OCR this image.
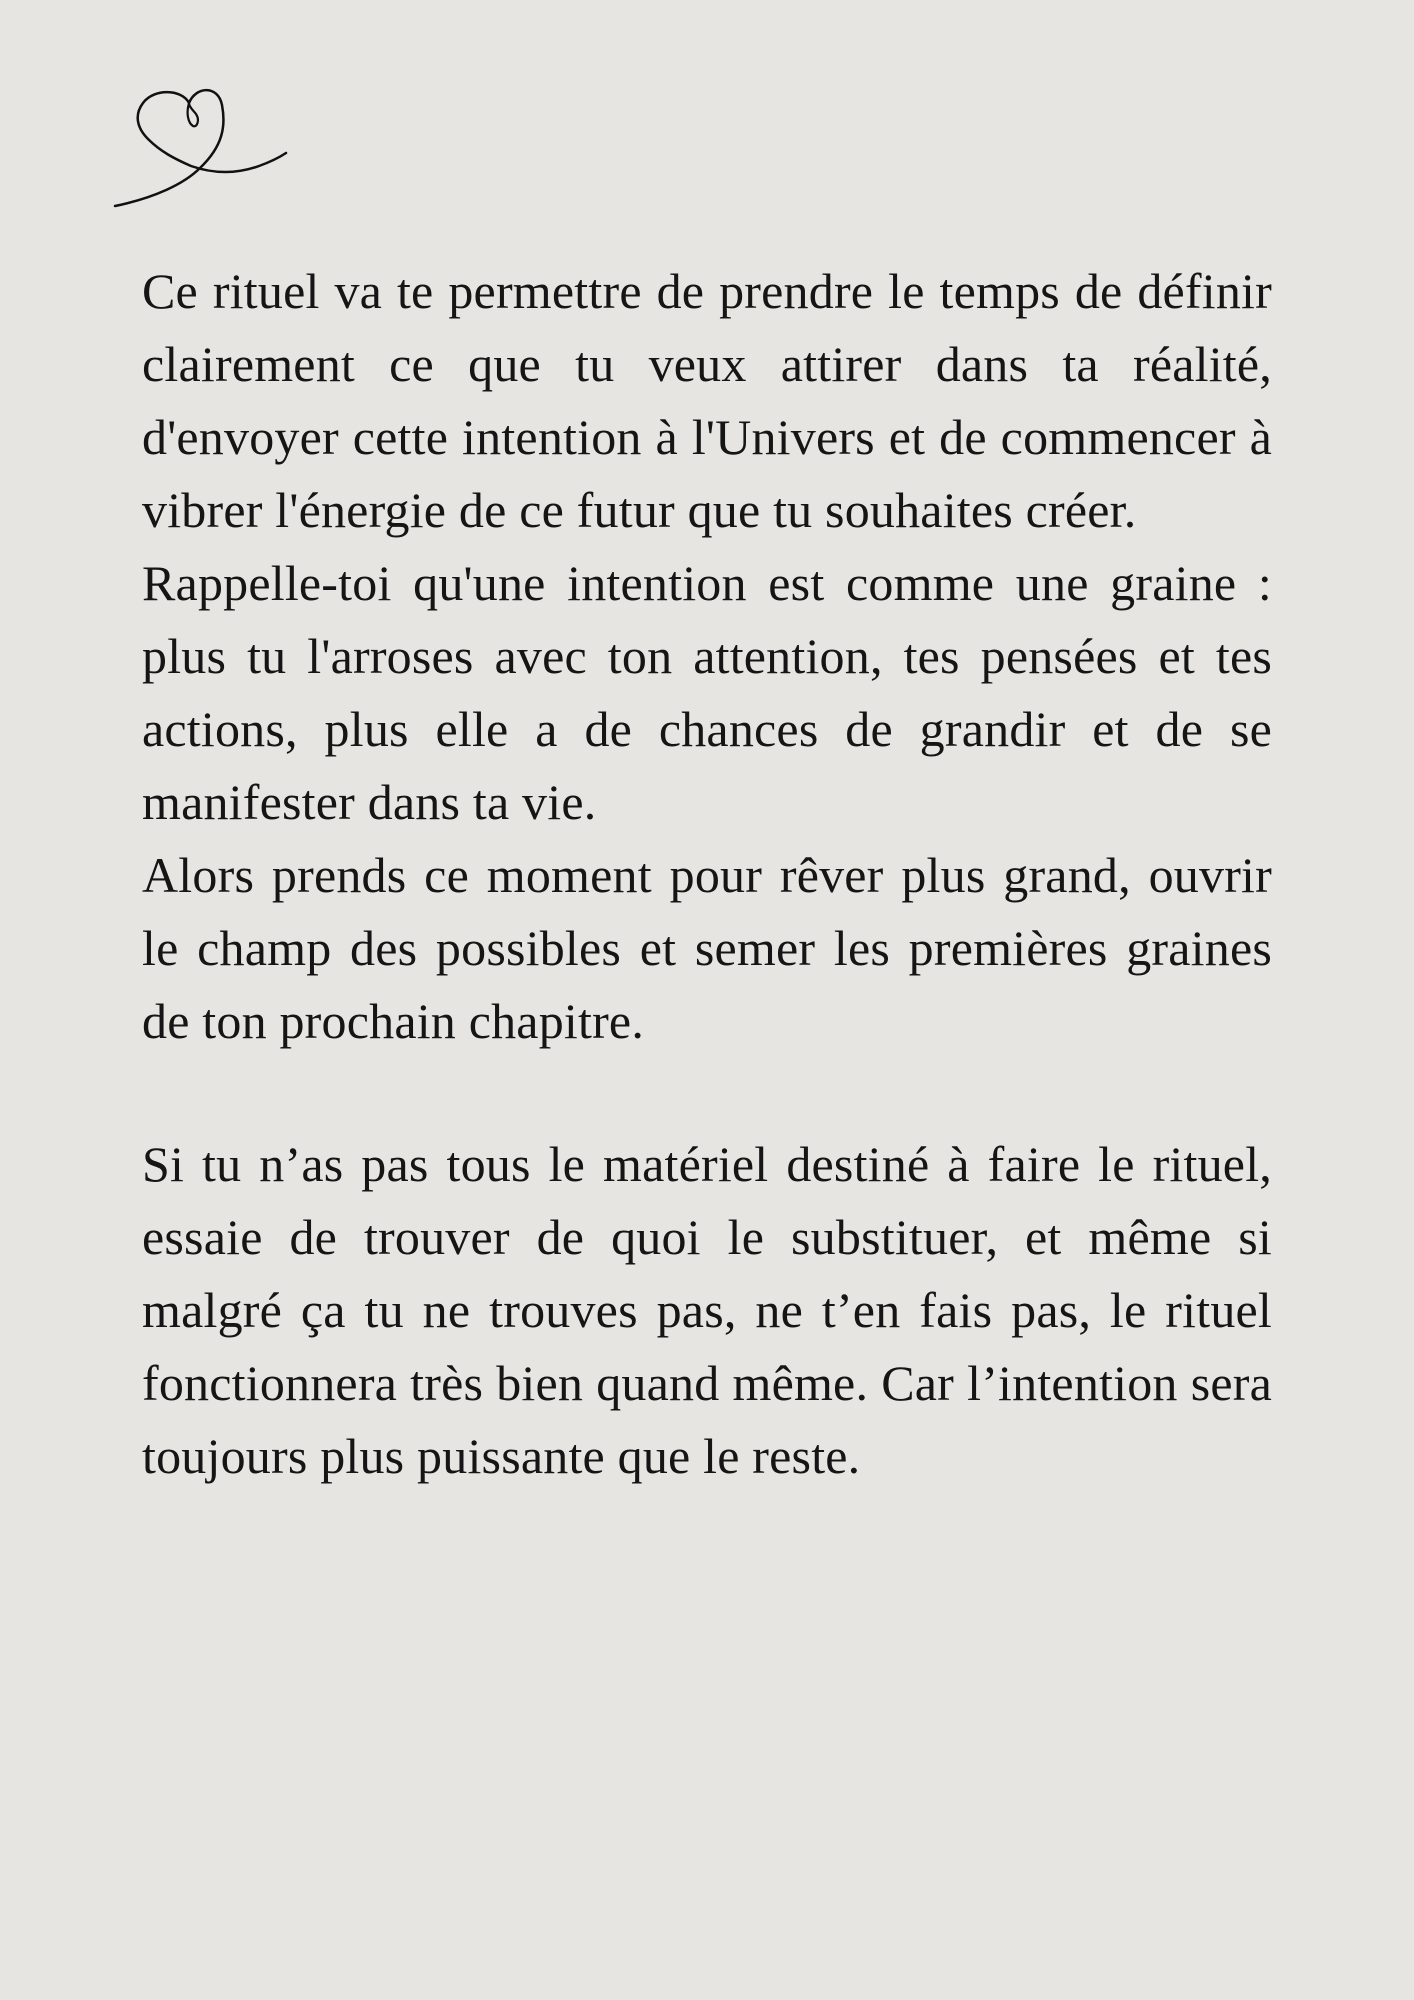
Ce rituel va te permettre de prendre le temps de définir clairement ce que tu veux attirer dans ta réalité, d'envoyer cette intention à l'Univers et de commencer à vibrer l'énergie de ce futur que tu souhaites créer.

Rappelle-toi qu'une intention est comme une graine : plus tu l'arroses avec ton attention, tes pensées et tes actions, plus elle a de chances de grandir et de se manifester dans ta vie.

Alors prends ce moment pour rêver plus grand, ouvrir le champ des possibles et semer les premières graines de ton prochain chapitre.

Si tu n’as pas tous le matériel destiné à faire le rituel, essaie de trouver de quoi le substituer, et même si malgré ça tu ne trouves pas, ne t’en fais pas, le rituel fonctionnera très bien quand même. Car l’intention sera toujours plus puissante que le reste.
